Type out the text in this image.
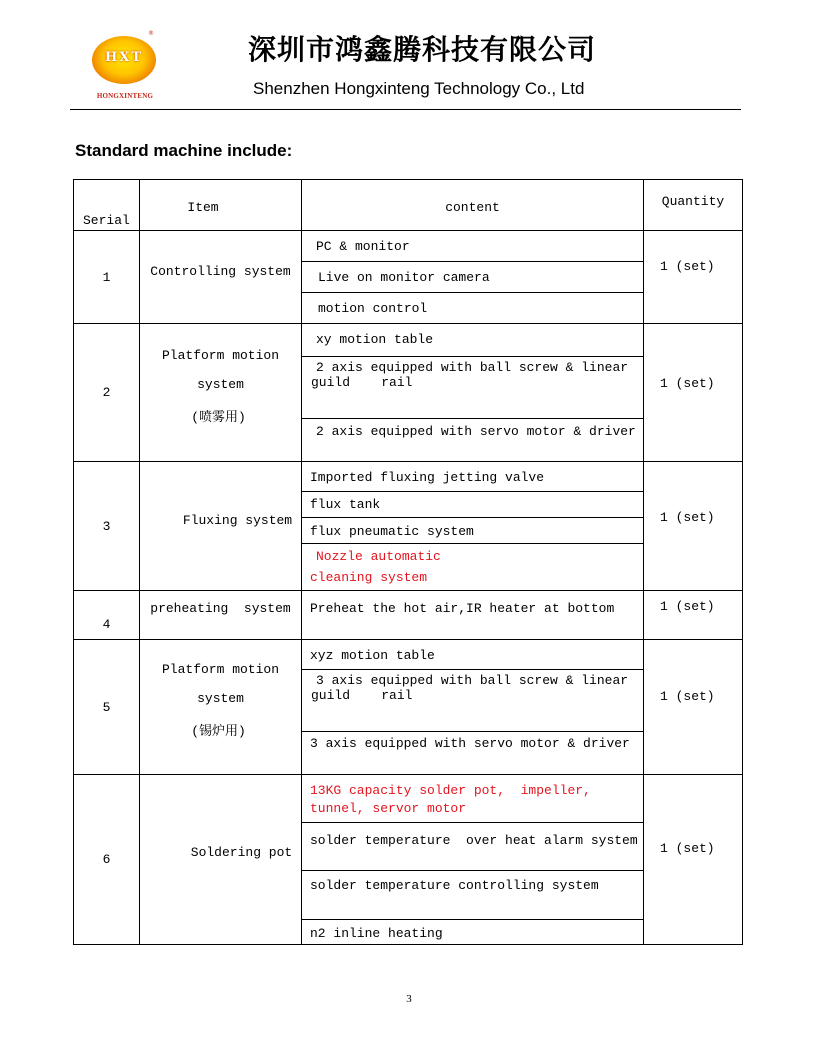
HXT
®
HONGXINTENG
深圳市鸿鑫腾科技有限公司
Shenzhen Hongxinteng Technology Co., Ltd
Standard machine include:
Serial	Item	content	Quantity

1	Controlling system	PC & monitor	1 (set)

		Live on monitor camera	

		motion control	

2	Platform motion
system
(喷雾用)	xy motion table	1 (set)

		2 axis equipped with ball screw & linear
guild    rail	

		2 axis equipped with servo motor & driver	

3	Fluxing system	Imported fluxing jetting valve	1 (set)

		flux tank	

		flux pneumatic system	

		Nozzle automatic
cleaning system	

4	preheating  system	Preheat the hot air,IR heater at bottom	1 (set)

5	Platform motion
system
(锡炉用)	xyz motion table	1 (set)

		3 axis equipped with ball screw & linear
guild    rail	

		3 axis equipped with servo motor & driver	

6	Soldering pot	13KG capacity solder pot,  impeller,
tunnel, servor motor	1 (set)

		solder temperature  over heat alarm system	

		solder temperature controlling system	

		n2 inline heating	
3
